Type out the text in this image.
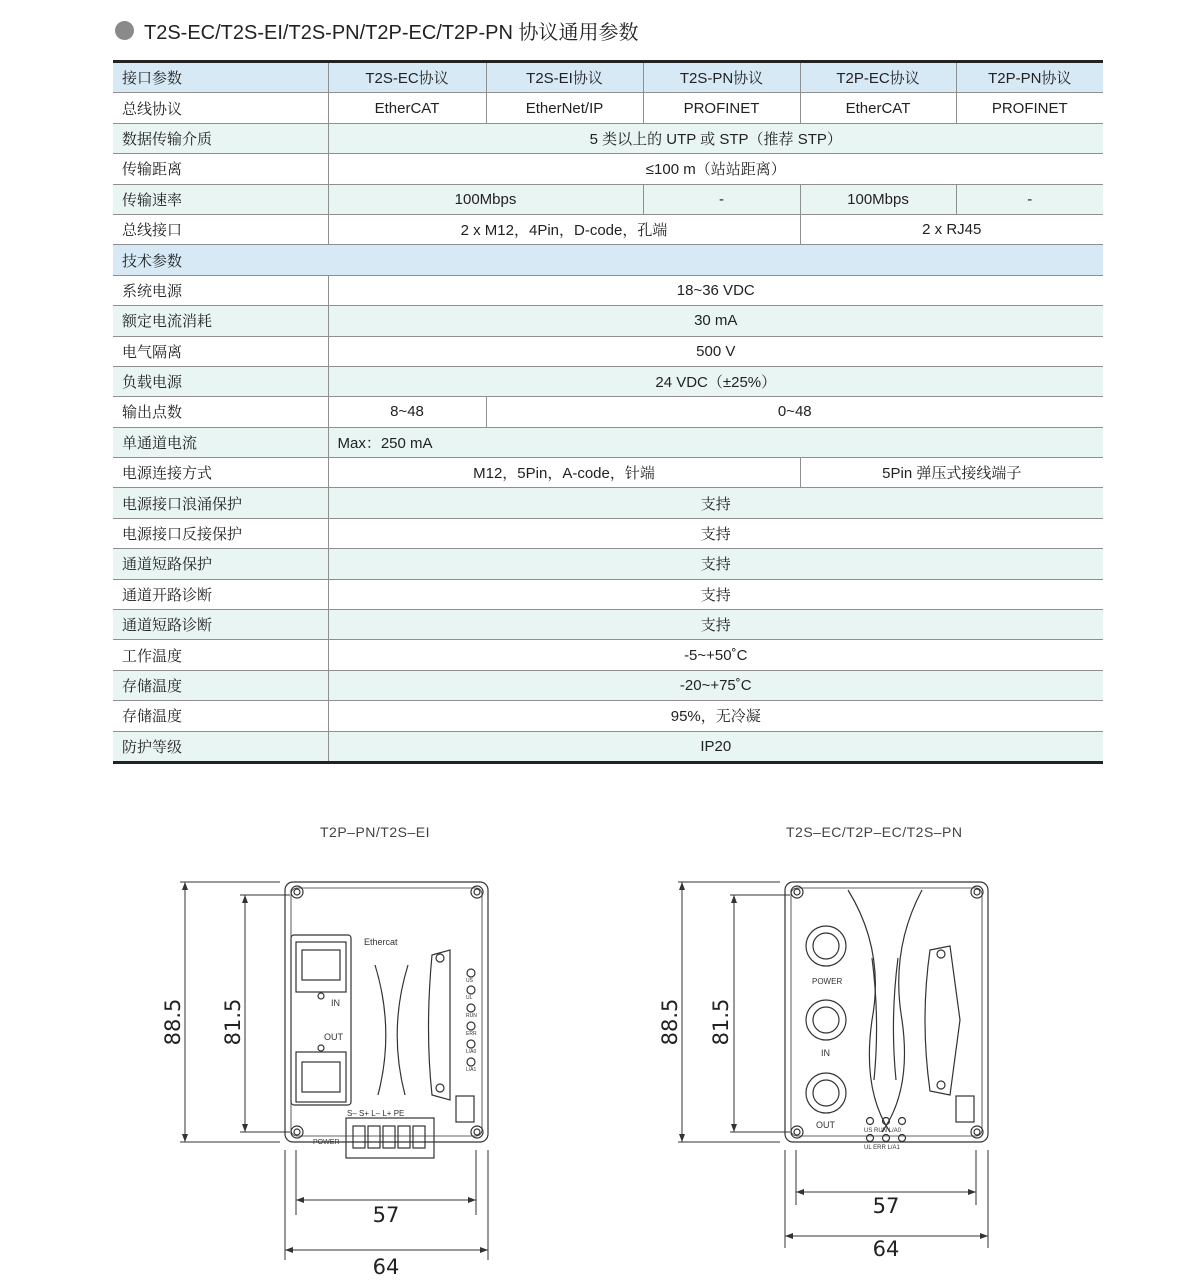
T2S-EC/T2S-EI/T2S-PN/T2P-EC/T2P-PN 协议通用参数
接口参数	T2S-EC协议	T2S-EI协议	T2S-PN协议	T2P-EC协议	T2P-PN协议
总线协议	EtherCAT	EtherNet/IP	PROFINET	EtherCAT	PROFINET
数据传输介质	5 类以上的 UTP 或 STP（推荐 STP）				
传输距离	≤100 m（站站距离）				
传输速率	100Mbps		-	100Mbps	-
总线接口	2 x M12，4Pin，D-code，孔端			2 x RJ45	
技术参数					
系统电源	18~36 VDC				
额定电流消耗	30 mA				
电气隔离	500 V				
负载电源	24 VDC（±25%）				
输出点数	8~48	0~48			
单通道电流	Max：250 mA				
电源连接方式	M12，5Pin，A-code，针端			5Pin 弹压式接线端子	
电源接口浪涌保护	支持				
电源接口反接保护	支持				
通道短路保护	支持				
通道开路诊断	支持				
通道短路诊断	支持				
工作温度	-5~+50˚C				
存储温度	-20~+75˚C				
存储温度	95%，无冷凝				
防护等级	IP20				
T2P–PN/T2S–EI
88.5 81.5
57
64
Ethercat
IN
OUT
POWER
S– S+ L– L+ PE
US
UL
RUN
ERR
L/A0
L/A1
T2S–EC/T2P–EC/T2S–PN
88.5 81.5
57
64
POWER
IN
OUT
US RUN L/A0
UL ERR L/A1
